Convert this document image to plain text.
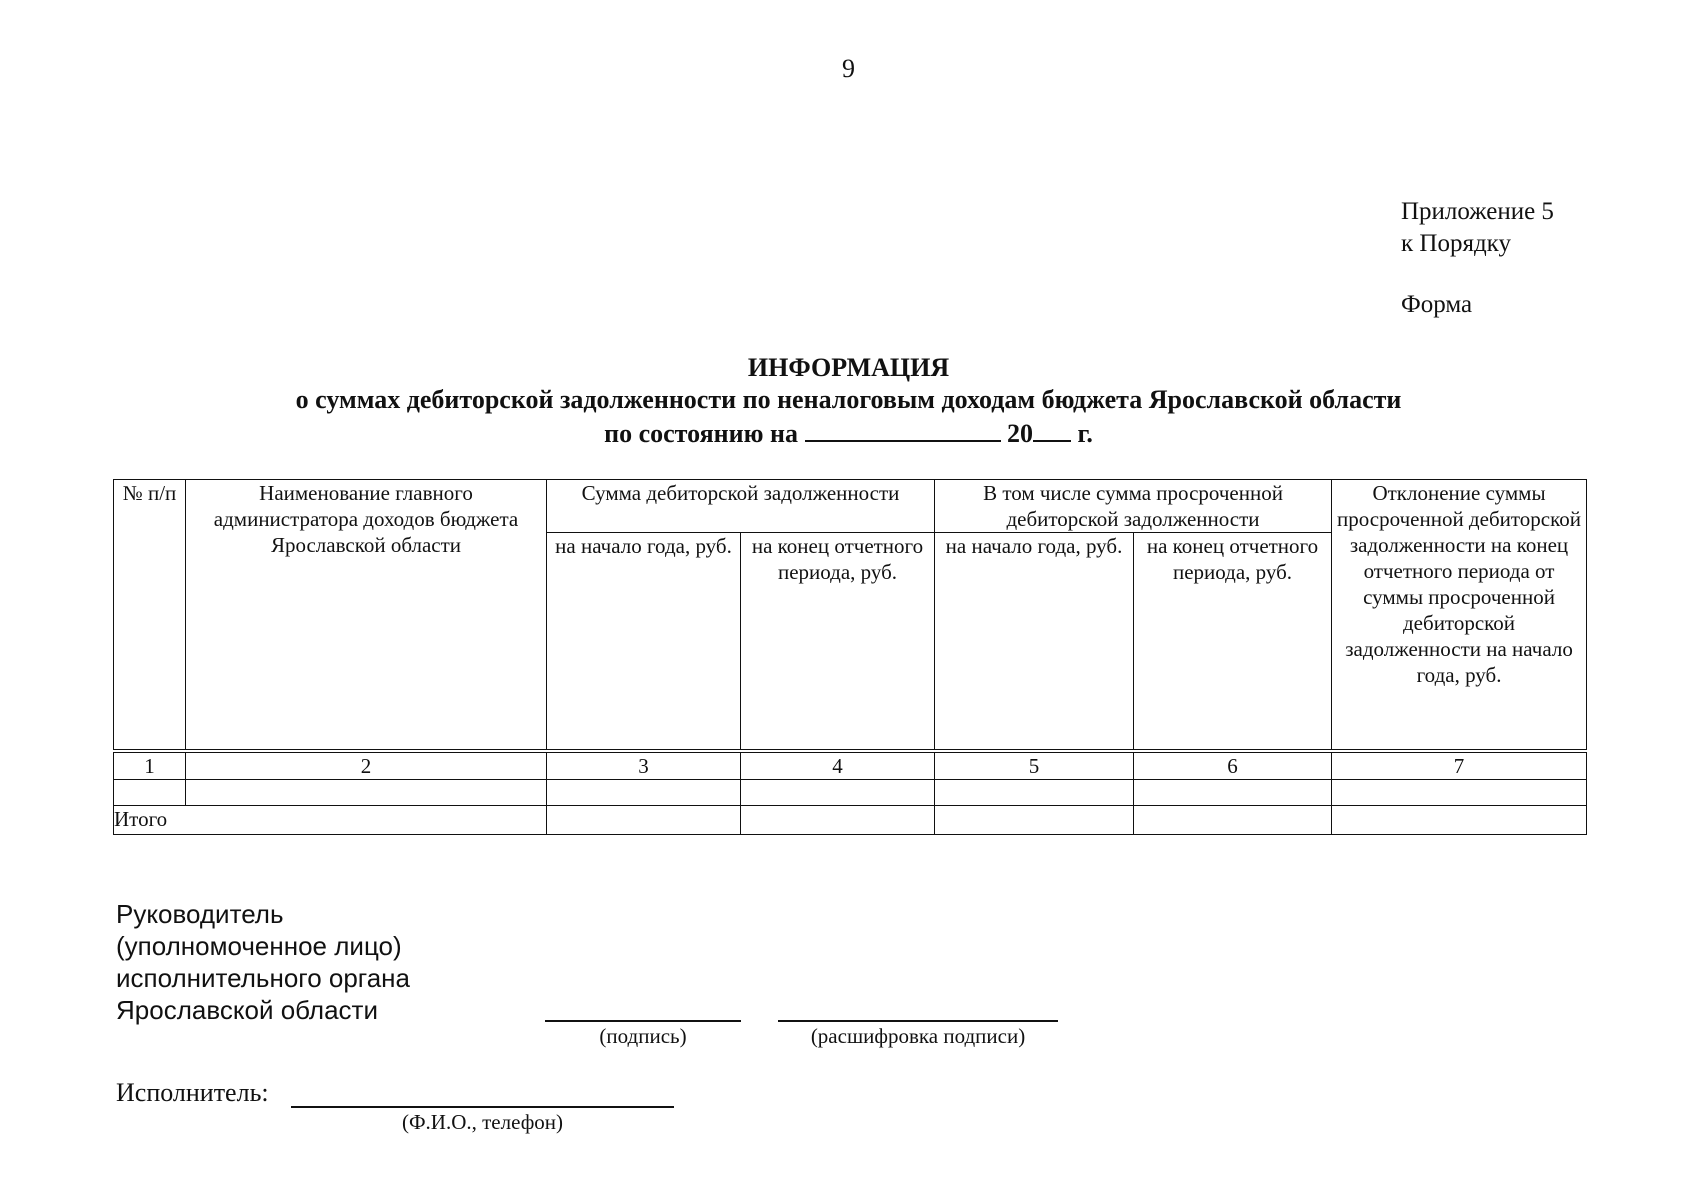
9
Приложение 5
к Порядку
Форма
ИНФОРМАЦИЯ
о суммах дебиторской задолженности по неналоговым доходам бюджета Ярославской области
по состоянию на	20 г.
№ п/п	Наименование главного администратора доходов бюджета Ярославской области	Сумма дебиторской задолженности		В том числе сумма просроченной дебиторской задолженности		Отклонение суммы просроченной дебиторской задолженности на конец отчетного периода от суммы просроченной дебиторской задолженности на начало года, руб.
		на начало года, руб.	на конец отчетного периода, руб.	на начало года, руб.	на конец отчетного периода, руб.	
1	2	3	4	5	6	7

Итого						
Руководитель
(уполномоченное лицо)
исполнительного органа
Ярославской области
(подпись)	(расшифровка подписи)
Исполнитель:
(Ф.И.О., телефон)
